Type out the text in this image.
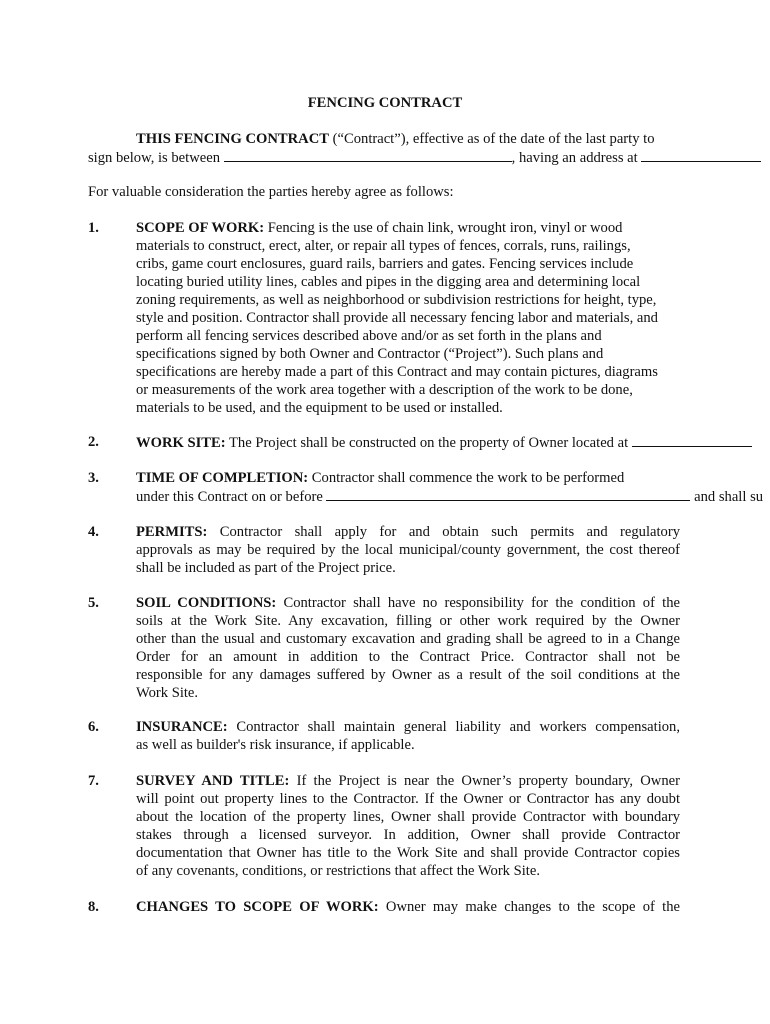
FENCING CONTRACT
THIS FENCING CONTRACT (“Contract”), effective as of the date of the last party to
sign below, is between	, having an address at
For valuable consideration the parties hereby agree as follows:
1.	SCOPE OF WORK: Fencing is the use of chain link, wrought iron, vinyl or wood
materials to construct, erect, alter, or repair all types of fences, corrals, runs, railings,
cribs, game court enclosures, guard rails, barriers and gates. Fencing services include
locating buried utility lines, cables and pipes in the digging area and determining local
zoning requirements, as well as neighborhood or subdivision restrictions for height, type,
style and position. Contractor shall provide all necessary fencing labor and materials, and
perform all fencing services described above and/or as set forth in the plans and
specifications signed by both Owner and Contractor (“Project”). Such plans and
specifications are hereby made a part of this Contract and may contain pictures, diagrams
or measurements of the work area together with a description of the work to be done,
materials to be used, and the equipment to be used or installed.
2.	WORK SITE: The Project shall be constructed on the property of Owner located at
3.	TIME OF COMPLETION: Contractor shall commence the work to be performed
under this Contract on or before	and shall su
4.	PERMITS: Contractor shall apply for and obtain such permits and regulatory
approvals as may be required by the local municipal/county government, the cost thereof
shall be included as part of the Project price.
5.	SOIL CONDITIONS: Contractor shall have no responsibility for the condition of the
soils at the Work Site. Any excavation, filling or other work required by the Owner
other than the usual and customary excavation and grading shall be agreed to in a Change
Order for an amount in addition to the Contract Price. Contractor shall not be
responsible for any damages suffered by Owner as a result of the soil conditions at the
Work Site.
6.	INSURANCE: Contractor shall maintain general liability and workers compensation,
as well as builder's risk insurance, if applicable.
7.	SURVEY AND TITLE: If the Project is near the Owner’s property boundary, Owner
will point out property lines to the Contractor. If the Owner or Contractor has any doubt
about the location of the property lines, Owner shall provide Contractor with boundary
stakes through a licensed surveyor. In addition, Owner shall provide Contractor
documentation that Owner has title to the Work Site and shall provide Contractor copies
of any covenants, conditions, or restrictions that affect the Work Site.
8.	CHANGES TO SCOPE OF WORK: Owner may make changes to the scope of the
